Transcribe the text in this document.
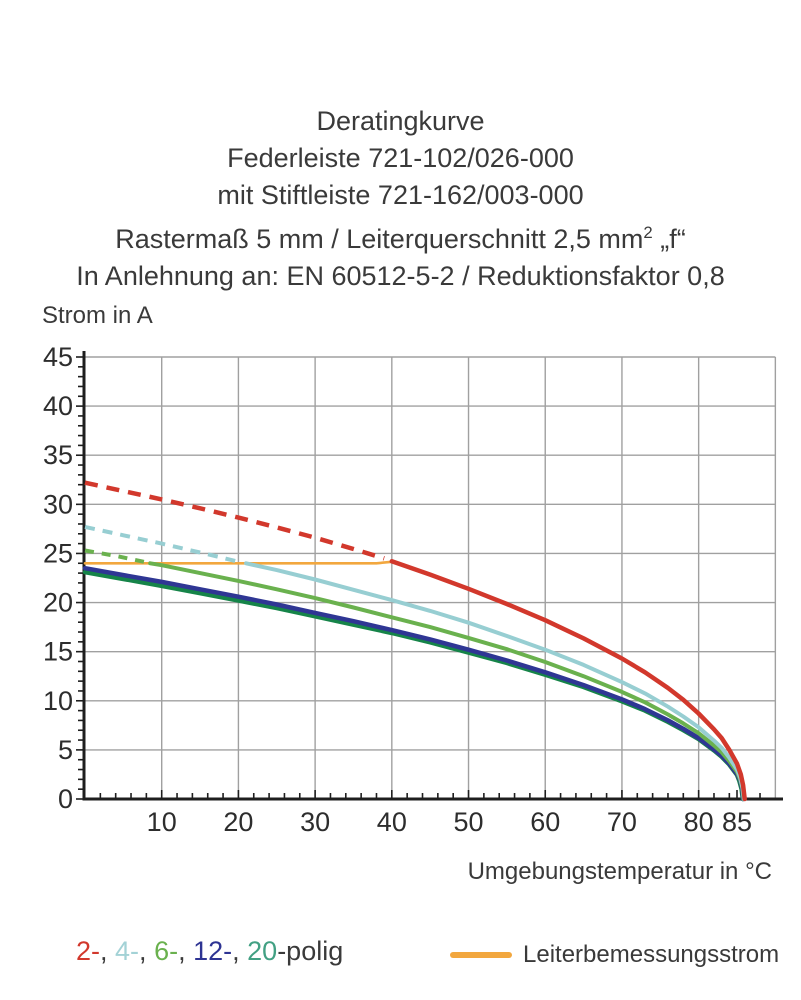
Deratingkurve
Federleiste 721-102/026-000
mit Stiftleiste 721-162/003-000
Rastermaß 5 mm / Leiterquerschnitt 2,5 $mm^2$ „f“
In Anlehnung an: EN 60512-5-2 / Reduktionsfaktor 0,8
Strom in A
0
5
10
15
20
25
30
35
40
45
10 20 30 40 50 60 70 80 85
Umgebungstemperatur in °C
2-, 4-, 6-, 12-, 20-polig	Leiterbemessungsstrom
